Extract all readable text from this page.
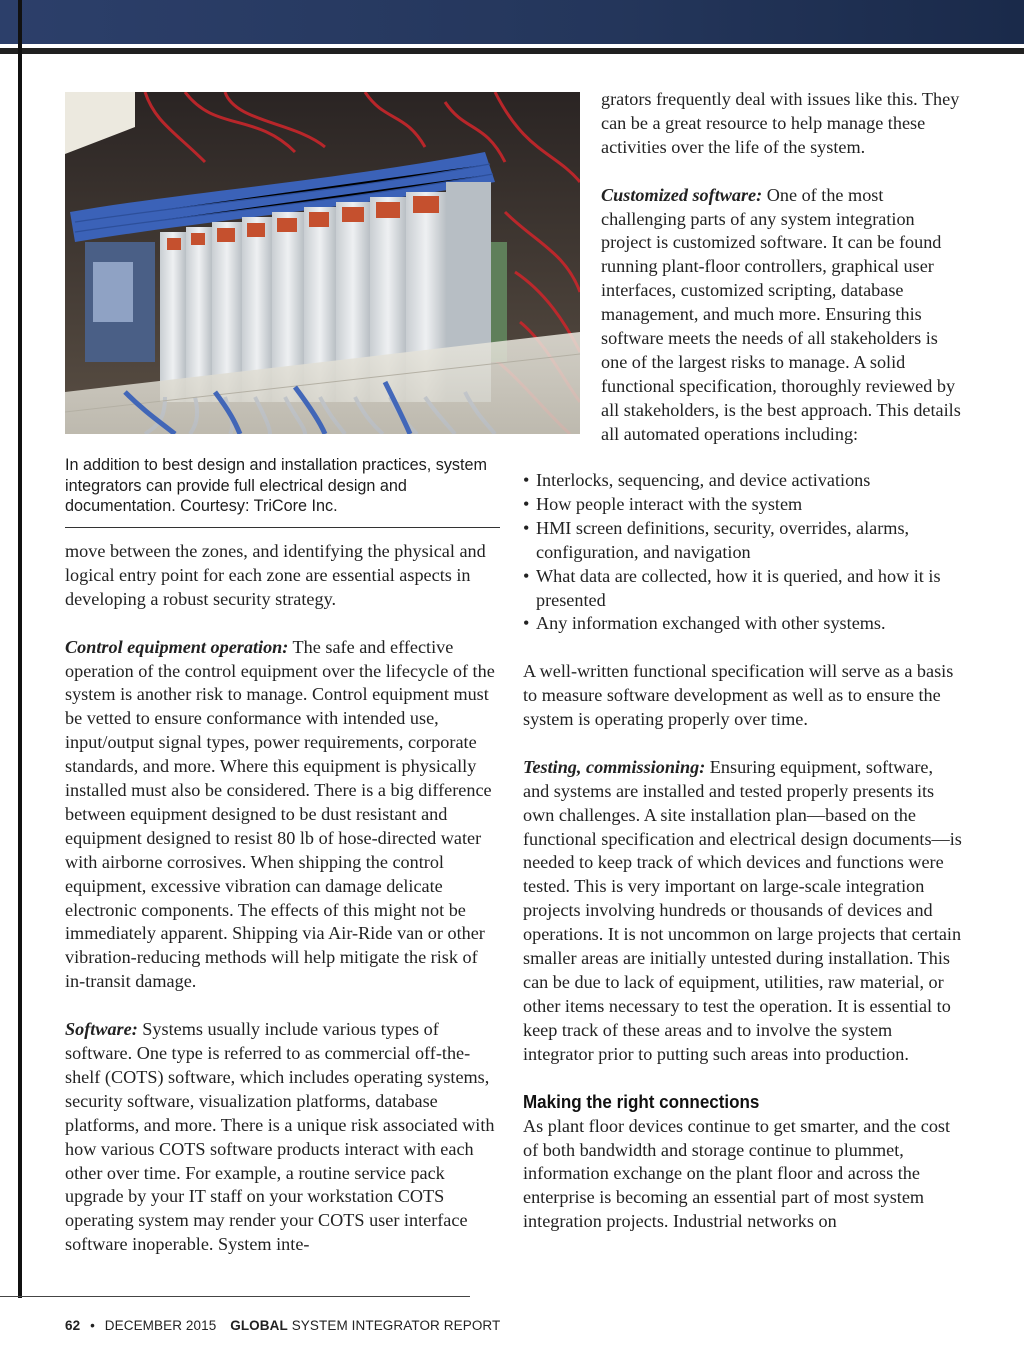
In addition to best design and installation practices, system integrators can provide full electrical design and documentation. Courtesy: TriCore Inc.

move between the zones, and identifying the physical and logical entry point for each zone are essential aspects in developing a robust security strategy.

Control equipment operation: The safe and effective operation of the control equipment over the lifecycle of the system is another risk to manage. Control equipment must be vetted to ensure conformance with intended use, input/output signal types, power requirements, corporate standards, and more. Where this equipment is physically installed must also be considered. There is a big difference between equipment designed to be dust resistant and equipment designed to resist 80 lb of hose-directed water with airborne corrosives. When shipping the control equipment, excessive vibration can damage delicate electronic components. The effects of this might not be immediately apparent. Shipping via Air-Ride van or other vibration-reducing methods will help mitigate the risk of in-transit damage.

Software: Systems usually include various types of software. One type is referred to as commercial off-the-shelf (COTS) software, which includes operating systems, security software, visualization platforms, database platforms, and more. There is a unique risk associated with how various COTS software products interact with each other over time. For example, a routine service pack upgrade by your IT staff on your workstation COTS operating system may render your COTS user interface software inoperable. System inte-

grators frequently deal with issues like this. They can be a great resource to help manage these activities over the life of the system.

Customized software: One of the most challenging parts of any system integration project is customized software. It can be found running plant-floor controllers, graphical user interfaces, customized scripting, database management, and much more. Ensuring this software meets the needs of all stakeholders is one of the largest risks to manage. A solid functional specification, thoroughly reviewed by all stakeholders, is the best approach. This details all automated operations including:

• Interlocks, sequencing, and device activations
• How people interact with the system
• HMI screen definitions, security, overrides, alarms, configuration, and navigation
• What data are collected, how it is queried, and how it is presented
• Any information exchanged with other systems.

A well-written functional specification will serve as a basis to measure software development as well as to ensure the system is operating properly over time.

Testing, commissioning: Ensuring equipment, software, and systems are installed and tested properly presents its own challenges. A site installation plan—based on the functional specification and electrical design documents—is needed to keep track of which devices and functions were tested. This is very important on large-scale integration projects involving hundreds or thousands of devices and operations. It is not uncommon on large projects that certain smaller areas are initially untested during installation. This can be due to lack of equipment, utilities, raw material, or other items necessary to test the operation. It is essential to keep track of these areas and to involve the system integrator prior to putting such areas into production.

Making the right connections

As plant floor devices continue to get smarter, and the cost of both bandwidth and storage continue to plummet, information exchange on the plant floor and across the enterprise is becoming an essential part of most system integration projects. Industrial networks on

62 • DECEMBER 2015 GLOBAL SYSTEM INTEGRATOR REPORT
